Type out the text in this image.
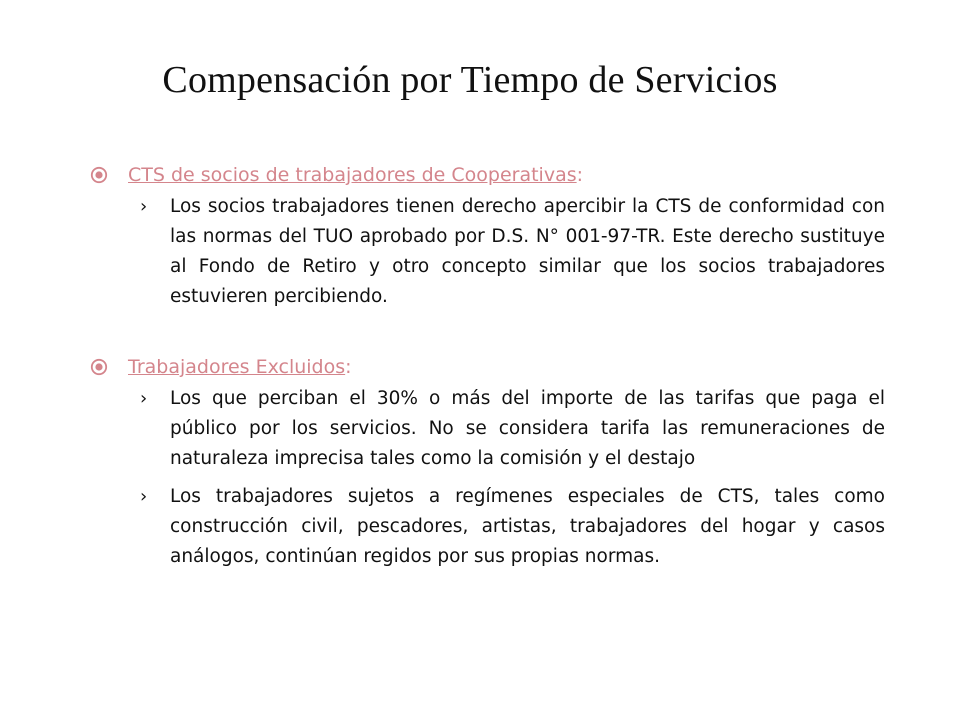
Compensación por Tiempo de Servicios
CTS de socios de trabajadores de Cooperativas:
› Los socios trabajadores tienen derecho apercibir la CTS de conformidad con las normas del TUO aprobado por D.S. N° 001-97-TR. Este derecho sustituye al Fondo de Retiro y otro concepto similar que los socios trabajadores estuvieren percibiendo.
Trabajadores Excluidos:
› Los que perciban el 30% o más del importe de las tarifas que paga el público por los servicios. No se considera tarifa las remuneraciones de naturaleza imprecisa tales como la comisión y el destajo
› Los trabajadores sujetos a regímenes especiales de CTS, tales como construcción civil, pescadores, artistas, trabajadores del hogar y casos análogos, continúan regidos por sus propias normas.
